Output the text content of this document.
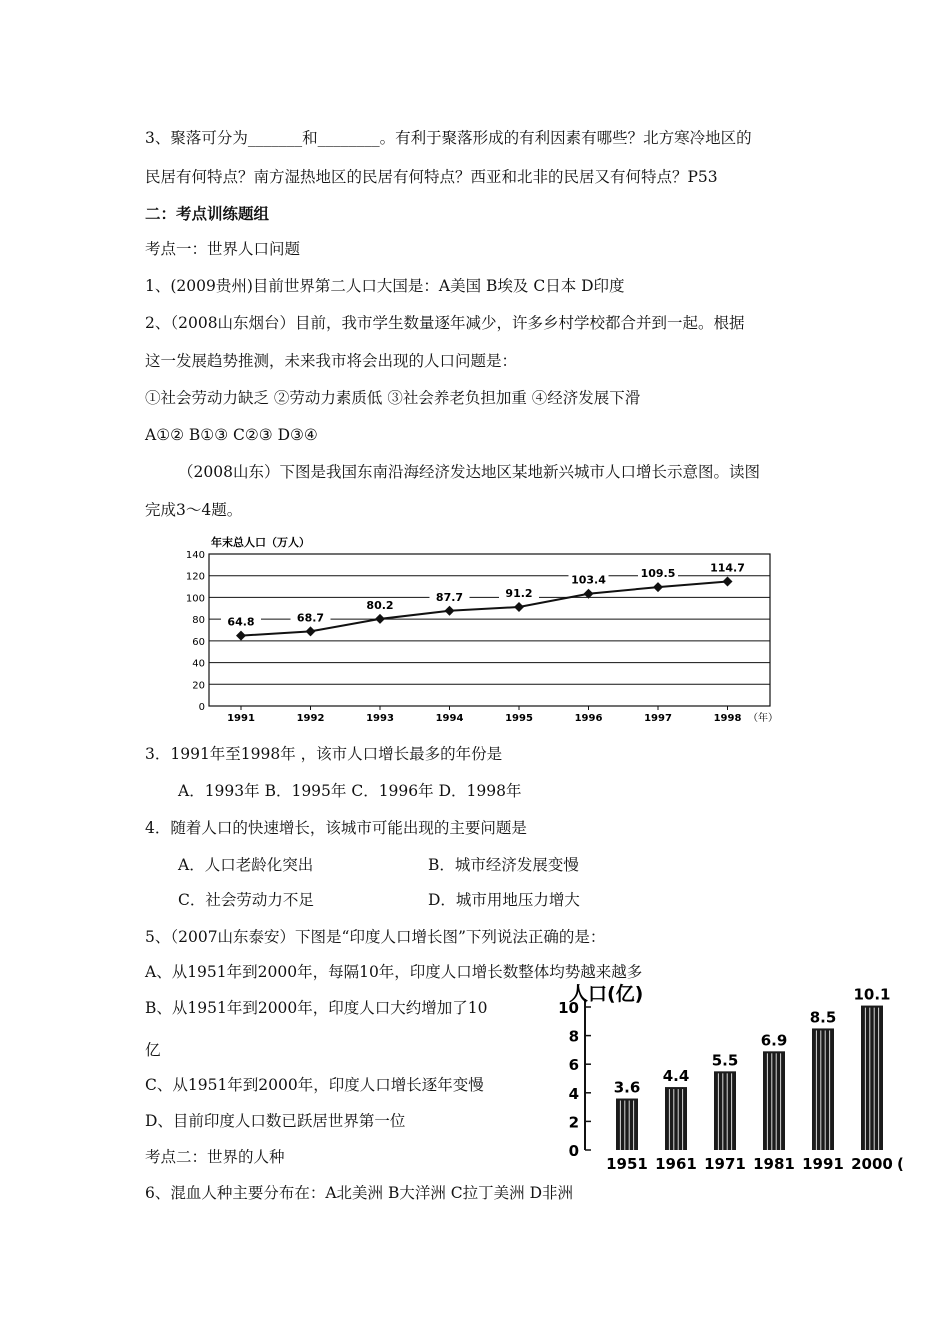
3、聚落可分为_______和________。有利于聚落形成的有利因素有哪些？北方寒冷地区的
民居有何特点？南方湿热地区的民居有何特点？西亚和北非的民居又有何特点？P53
二：考点训练题组
考点一：世界人口问题
1、(2009贵州)目前世界第二人口大国是：A美国 B埃及 C日本 D印度
2、（2008山东烟台）目前，我市学生数量逐年减少，许多乡村学校都合并到一起。根据
这一发展趋势推测，未来我市将会出现的人口问题是：
①社会劳动力缺乏 ②劳动力素质低 ③社会养老负担加重 ④经济发展下滑
A①② B①③ C②③ D③④
（2008山东）下图是我国东南沿海经济发达地区某地新兴城市人口增长示意图。读图
完成3～4题。
0
20
40
60
80
100
120
140
1991	1992	1993	1994	1995	1996	1997	1998 （年）
64.8	68.7
80.2
87.7	91.2
103.4
109.5	114.7
年末总人口（万人）
3．1991年至1998年 ，该市人口增长最多的年份是
A．1993年 B．1995年 C．1996年 D．1998年
4．随着人口的快速增长，该城市可能出现的主要问题是
A．人口老龄化突出	B．城市经济发展变慢
C．社会劳动力不足	D．城市用地压力增大
5、（2007山东泰安）下图是“印度人口增长图”下列说法正确的是：
A、从1951年到2000年，每隔10年，印度人口增长数整体均势越来越多
B、从1951年到2000年，印度人口大约增加了10
亿
C、从1951年到2000年，印度人口增长逐年变慢
D、目前印度人口数已跃居世界第一位
考点二：世界的人种
6、混血人种主要分布在：A北美洲 B大洋洲 C拉丁美洲 D非洲
0
2
4
6
8
10
3.6
1951
4.4
1961
5.5
1971
6.9
1981
8.5
1991
10.1
2000 (
人口(亿)
